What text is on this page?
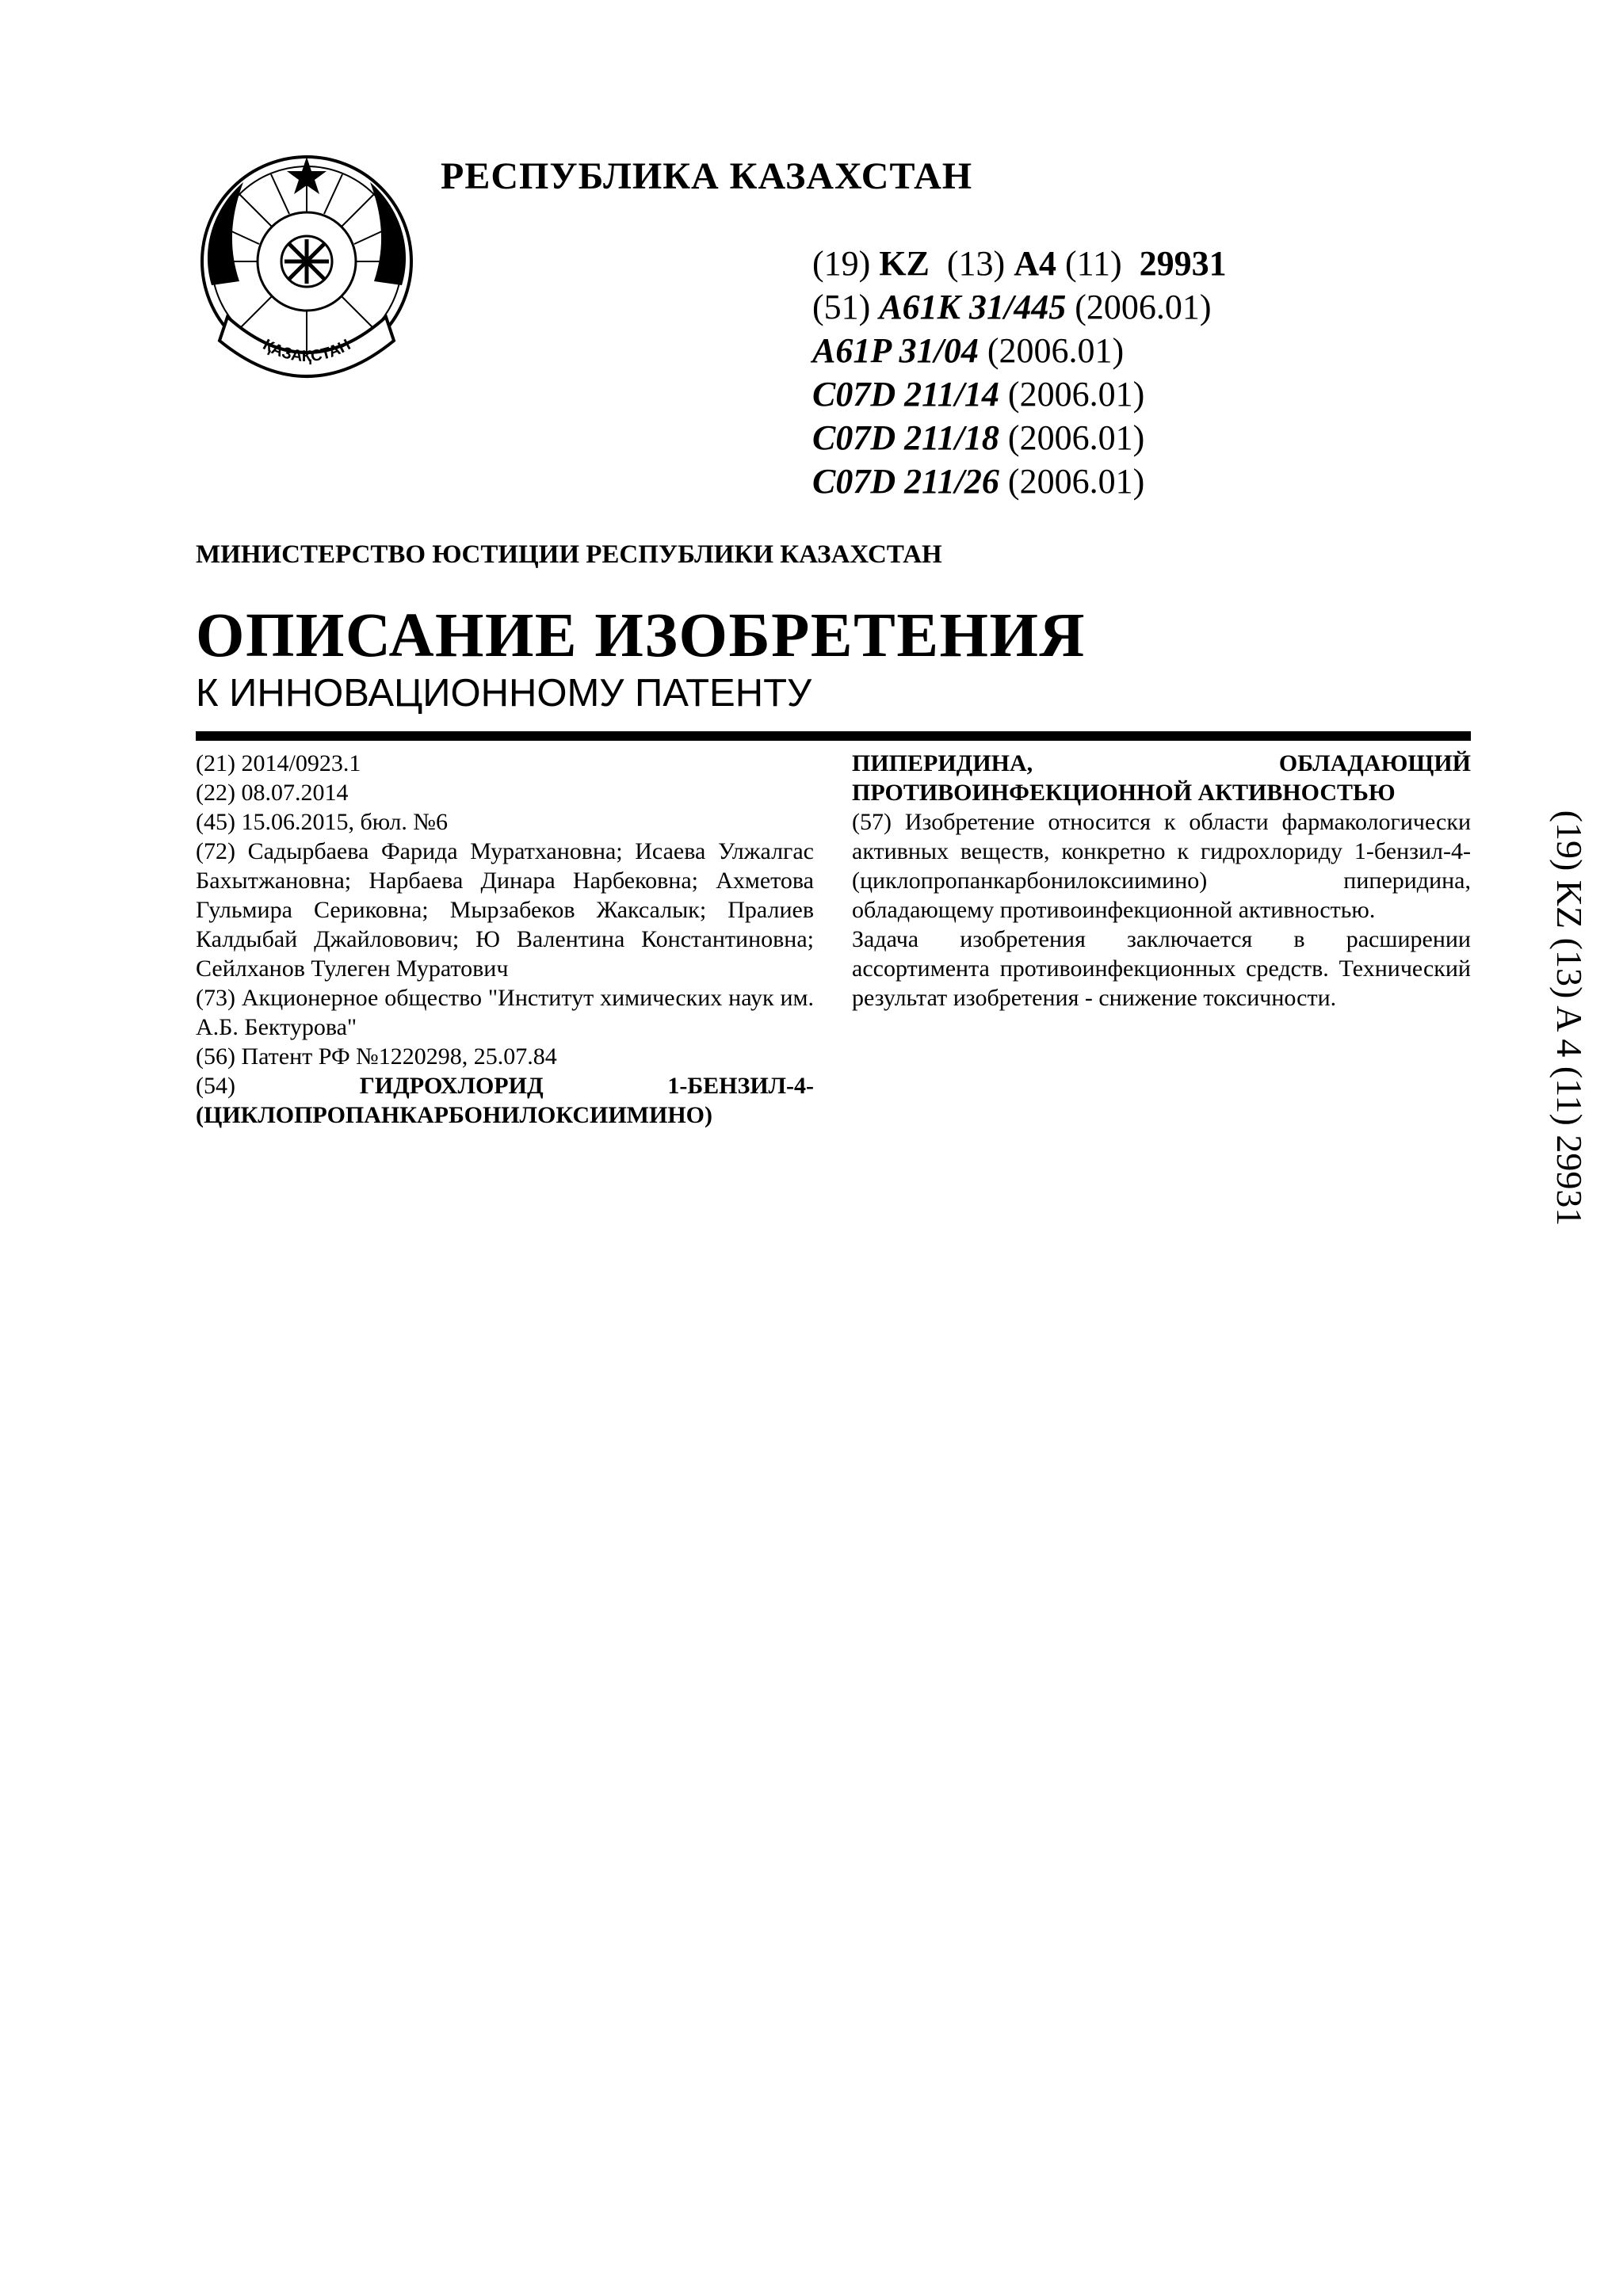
ҚАЗАҚСТАН
РЕСПУБЛИКА КАЗАХСТАН
(19) KZ (13) A4 (11) 29931
(51) A61K 31/445 (2006.01)
A61P 31/04 (2006.01)
C07D 211/14 (2006.01)
C07D 211/18 (2006.01)
C07D 211/26 (2006.01)
МИНИСТЕРСТВО ЮСТИЦИИ РЕСПУБЛИКИ КАЗАХСТАН
ОПИСАНИЕ ИЗОБРЕТЕНИЯ
К ИННОВАЦИОННОМУ ПАТЕНТУ

(21) 2014/0923.1

(22) 08.07.2014

(45) 15.06.2015, бюл. №6

(72) Садырбаева Фарида Муратхановна; Исаева Улжалгас Бахытжановна; Нарбаева Динара Нарбековна; Ахметова Гульмира Сериковна; Мырзабеков Жаксалык; Пралиев Калдыбай Джайловович; Ю Валентина Константиновна; Сейлханов Тулеген Муратович

(73) Акционерное общество "Институт химических наук им. А.Б. Бектурова"

(56) Патент РФ №1220298, 25.07.84

(54)	ГИДРОХЛОРИД 1-БЕНЗИЛ-4-(ЦИКЛОПРОПАНКАРБОНИЛОКСИИМИНО)

ПИПЕРИДИНА, ОБЛАДАЮЩИЙ ПРОТИВОИНФЕКЦИОННОЙ АКТИВНОСТЬЮ

(57) Изобретение относится к области фармакологически активных веществ, конкретно к гидрохлориду 1-бензил-4-(циклопропанкарбонилоксиимино) пиперидина, обладающему противоинфекционной активностью.

Задача изобретения заключается в расширении ассортимента противоинфекционных средств. Технический результат изобретения - снижение токсичности.	(19) KZ (13) A 4 (11) 29931
